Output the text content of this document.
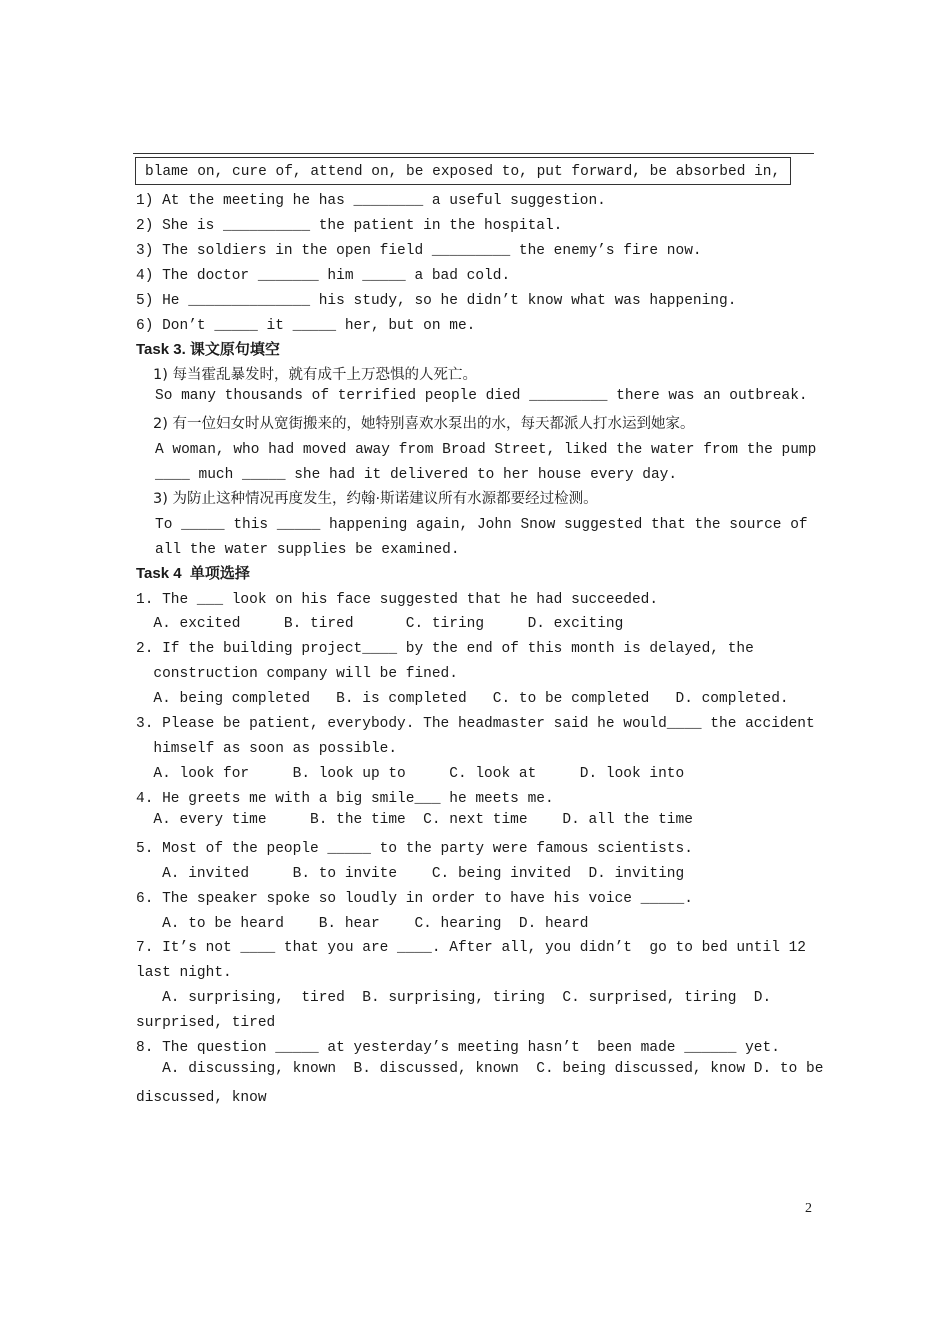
blame on, cure of, attend on, be exposed to, put forward, be absorbed in,
1) At the meeting he has ________ a useful suggestion.
2) She is __________ the patient in the hospital.
3) The soldiers in the open field _________ the enemy’s fire now.
4) The doctor _______ him _____ a bad cold.
5) He ______________ his study, so he didn’t know what was happening.
6) Don’t _____ it _____ her, but on me.
Task 3. 课文原句填空
1) 每当霍乱暴发时，就有成千上万恐惧的人死亡。
So many thousands of terrified people died _________ there was an outbreak.
2) 有一位妇女时从宽街搬来的，她特别喜欢水泵出的水，每天都派人打水运到她家。
A woman, who had moved away from Broad Street, liked the water from the pump
____ much _____ she had it delivered to her house every day.
3) 为防止这种情况再度发生，约翰·斯诺建议所有水源都要经过检测。
To _____ this _____ happening again, John Snow suggested that the source of
all the water supplies be examined.
Task 4  单项选择
1. The ___ look on his face suggested that he had succeeded.
A. excited     B. tired      C. tiring     D. exciting
2. If the building project____ by the end of this month is delayed, the
construction company will be fined.
A. being completed   B. is completed   C. to be completed   D. completed.
3. Please be patient, everybody. The headmaster said he would____ the accident
himself as soon as possible.
A. look for     B. look up to     C. look at     D. look into
4. He greets me with a big smile___ he meets me.
A. every time     B. the time  C. next time    D. all the time
5. Most of the people _____ to the party were famous scientists.
A. invited     B. to invite    C. being invited  D. inviting
6. The speaker spoke so loudly in order to have his voice _____.
A. to be heard    B. hear    C. hearing  D. heard
7. It’s not ____ that you are ____. After all, you didn’t  go to bed until 12
last night.
A. surprising,  tired  B. surprising, tiring  C. surprised, tiring  D.
surprised, tired
8. The question _____ at yesterday’s meeting hasn’t  been made ______ yet.
A. discussing, known  B. discussed, known  C. being discussed, know D. to be
discussed, know
2
